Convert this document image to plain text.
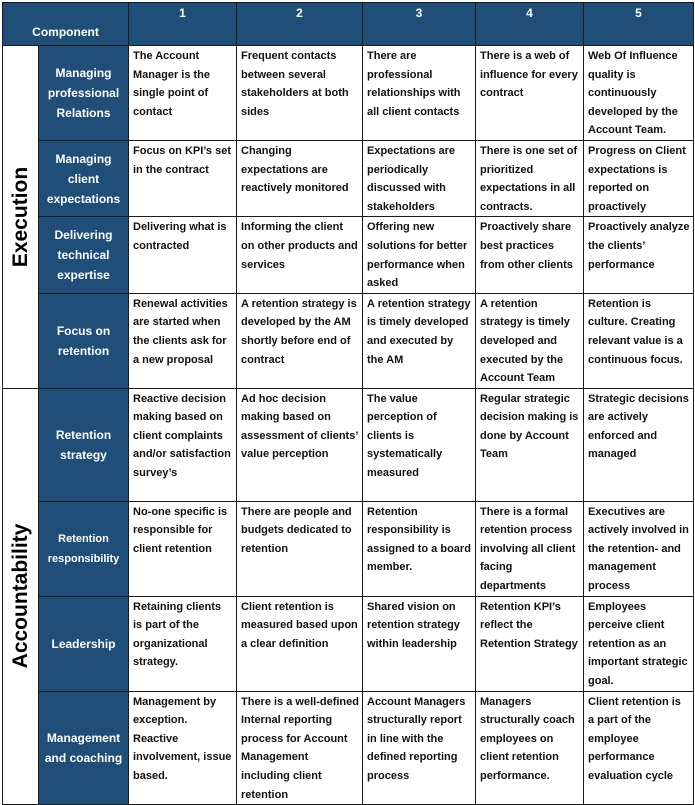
Component		1	2	3	4	5

Execution	Managing professional Relations	The Account Manager is the single point of contact	Frequent contacts between several stakeholders at both sides	There are professional relationships with all client contacts	There is a web of influence for every contract	Web Of Influence quality is continuously developed by the Account Team.

	Managing client expectations	Focus on KPI’s set in the contract	Changing expectations are reactively monitored	Expectations are periodically discussed with stakeholders	There is one set of prioritized expectations in all contracts.	Progress on Client expectations is reported on proactively

	Delivering technical expertise	Delivering what is contracted	Informing the client on other products and services	Offering new solutions for better performance when asked	Proactively share best practices from other clients	Proactively analyze the clients’ performance

	Focus on retention	Renewal activities are started when the clients ask for a new proposal	A retention strategy is developed by the AM shortly before end of contract	A retention strategy is timely developed and executed by the AM	A retention strategy is timely developed and executed by the Account Team	Retention is culture. Creating relevant value is a continuous focus.

Accountability	Retention strategy	Reactive decision making based on client complaints and/or satisfaction survey’s	Ad hoc decision making based on assessment of clients’ value perception	The value perception of clients is systematically measured	Regular strategic decision making is done by Account Team	Strategic decisions are actively enforced and managed

	Retention responsibility	No-one specific is responsible for client retention	There are people and budgets dedicated to retention	Retention responsibility is assigned to a board member.	There is a formal retention process involving all client facing departments	Executives are actively involved in the retention- and management process

	Leadership	Retaining clients is part of the organizational strategy.	Client retention is measured based upon a clear definition	Shared vision on retention strategy within leadership	Retention KPI’s reflect the Retention Strategy	Employees perceive client retention as an important strategic goal.

	Management and coaching	Management by exception. Reactive involvement, issue based.	There is a well-defined Internal reporting process for Account Management including client retention	Account Managers structurally report in line with the defined reporting process	Managers structurally coach employees on client retention performance.	Client retention is a part of the employee performance evaluation cycle
